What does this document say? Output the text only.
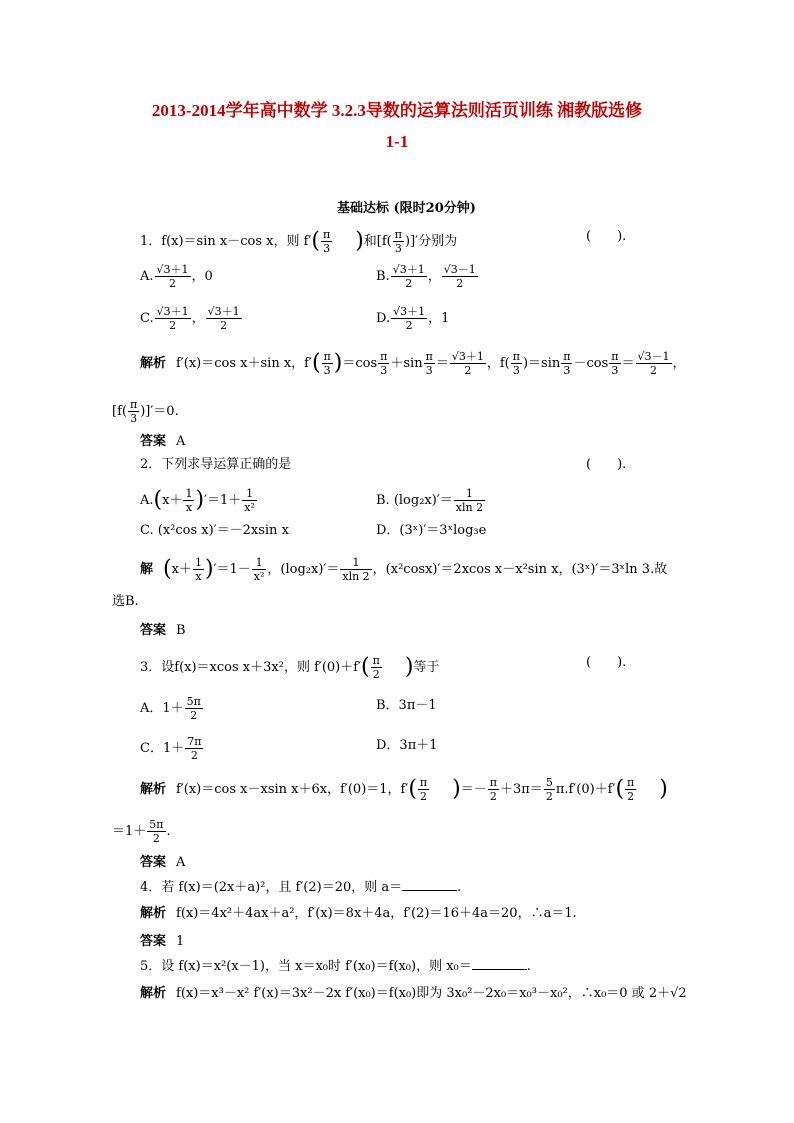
2013-2014学年高中数学 3.2.3导数的运算法则活页训练 湘教版选修
1-1
基础达标 (限时20分钟)
1．f(x)＝sin x－cos x，则 $f'( \frac{\pi}{3}$ 　)和[$f( \frac{\pi}{3}$ )]′分别为	(　　).
A. $\frac{√3+1}{2}$ ，0	B. $\frac{√3+1}{2}$ ， $\frac{√3-1}{2}$
C. $\frac{√3+1}{2}$ ， $\frac{√3+1}{2}$	D. $\frac{√3+1}{2}$ ，1
解析 f′(x)＝cos x＋sin x，$f'( \frac{\pi}{3} )=\cos \frac{\pi}{3} +\sin \frac{\pi}{3} = \frac{√3+1}{2}$ ，$f( \frac{\pi}{3} )=\sin \frac{\pi}{3} -\cos \frac{\pi}{3} = \frac{√3-1}{2}$ ，
$[f( \frac{\pi}{3} )]'=0$.
答案 A
2．下列求导运算正确的是	(　　).
$A.(x+ \frac{1}{x} )'=1+ \frac{1}{\text{x²}}$	B. $(\log_2x)'= \frac{1}{xln 2}$
C. (x²cos x)′＝－2xsin x	D．(3ˣ)′＝3ˣlog₃e
解 $(x+ \frac{1}{x} )'=1- \frac{1}{\text{x²}}$ ，$(\log_2x)'= \frac{1}{xln 2}$ ，(x²cosx)′＝2xcos x－x²sin x，(3ˣ)′＝3ˣln 3.故
选B.
答案 B
3．设f(x)＝xcos x＋3x²，则 $f'(0)+f'( \frac{\pi}{2}$ 　)等于	(　　).
A．$1+ \frac{5\pi}{2}$	B．3π－1
C．$1+ \frac{7\pi}{2}$	D．3π＋1
解析 f′(x)＝cos x－xsin x＋6x，f′(0)＝1，$f'( \frac{\pi}{2}$ 　)＝－ $\frac{\pi}{2} +3\pi= \frac{5}{2} \pi.f'(0)+f'( \frac{\pi}{2}$ 　)
$=1+ \frac{5\pi}{2}$ .
答案 A
4．若 f(x)＝(2x＋a)²，且 f′(2)＝20，则 a＝	.
解析 f(x)＝4x²＋4ax＋a²，f′(x)＝8x＋4a，f′(2)＝16＋4a＝20，∴a＝1.
答案 1
5．设 f(x)＝x²(x－1)，当 x＝x₀时 f′(x₀)＝f(x₀)，则 x₀＝	.
解析 f(x)＝x³－x² f′(x)＝3x²－2x f′(x₀)＝f(x₀)即为 3x₀²－2x₀＝x₀³－x₀²，∴x₀＝0 或 2＋√2
